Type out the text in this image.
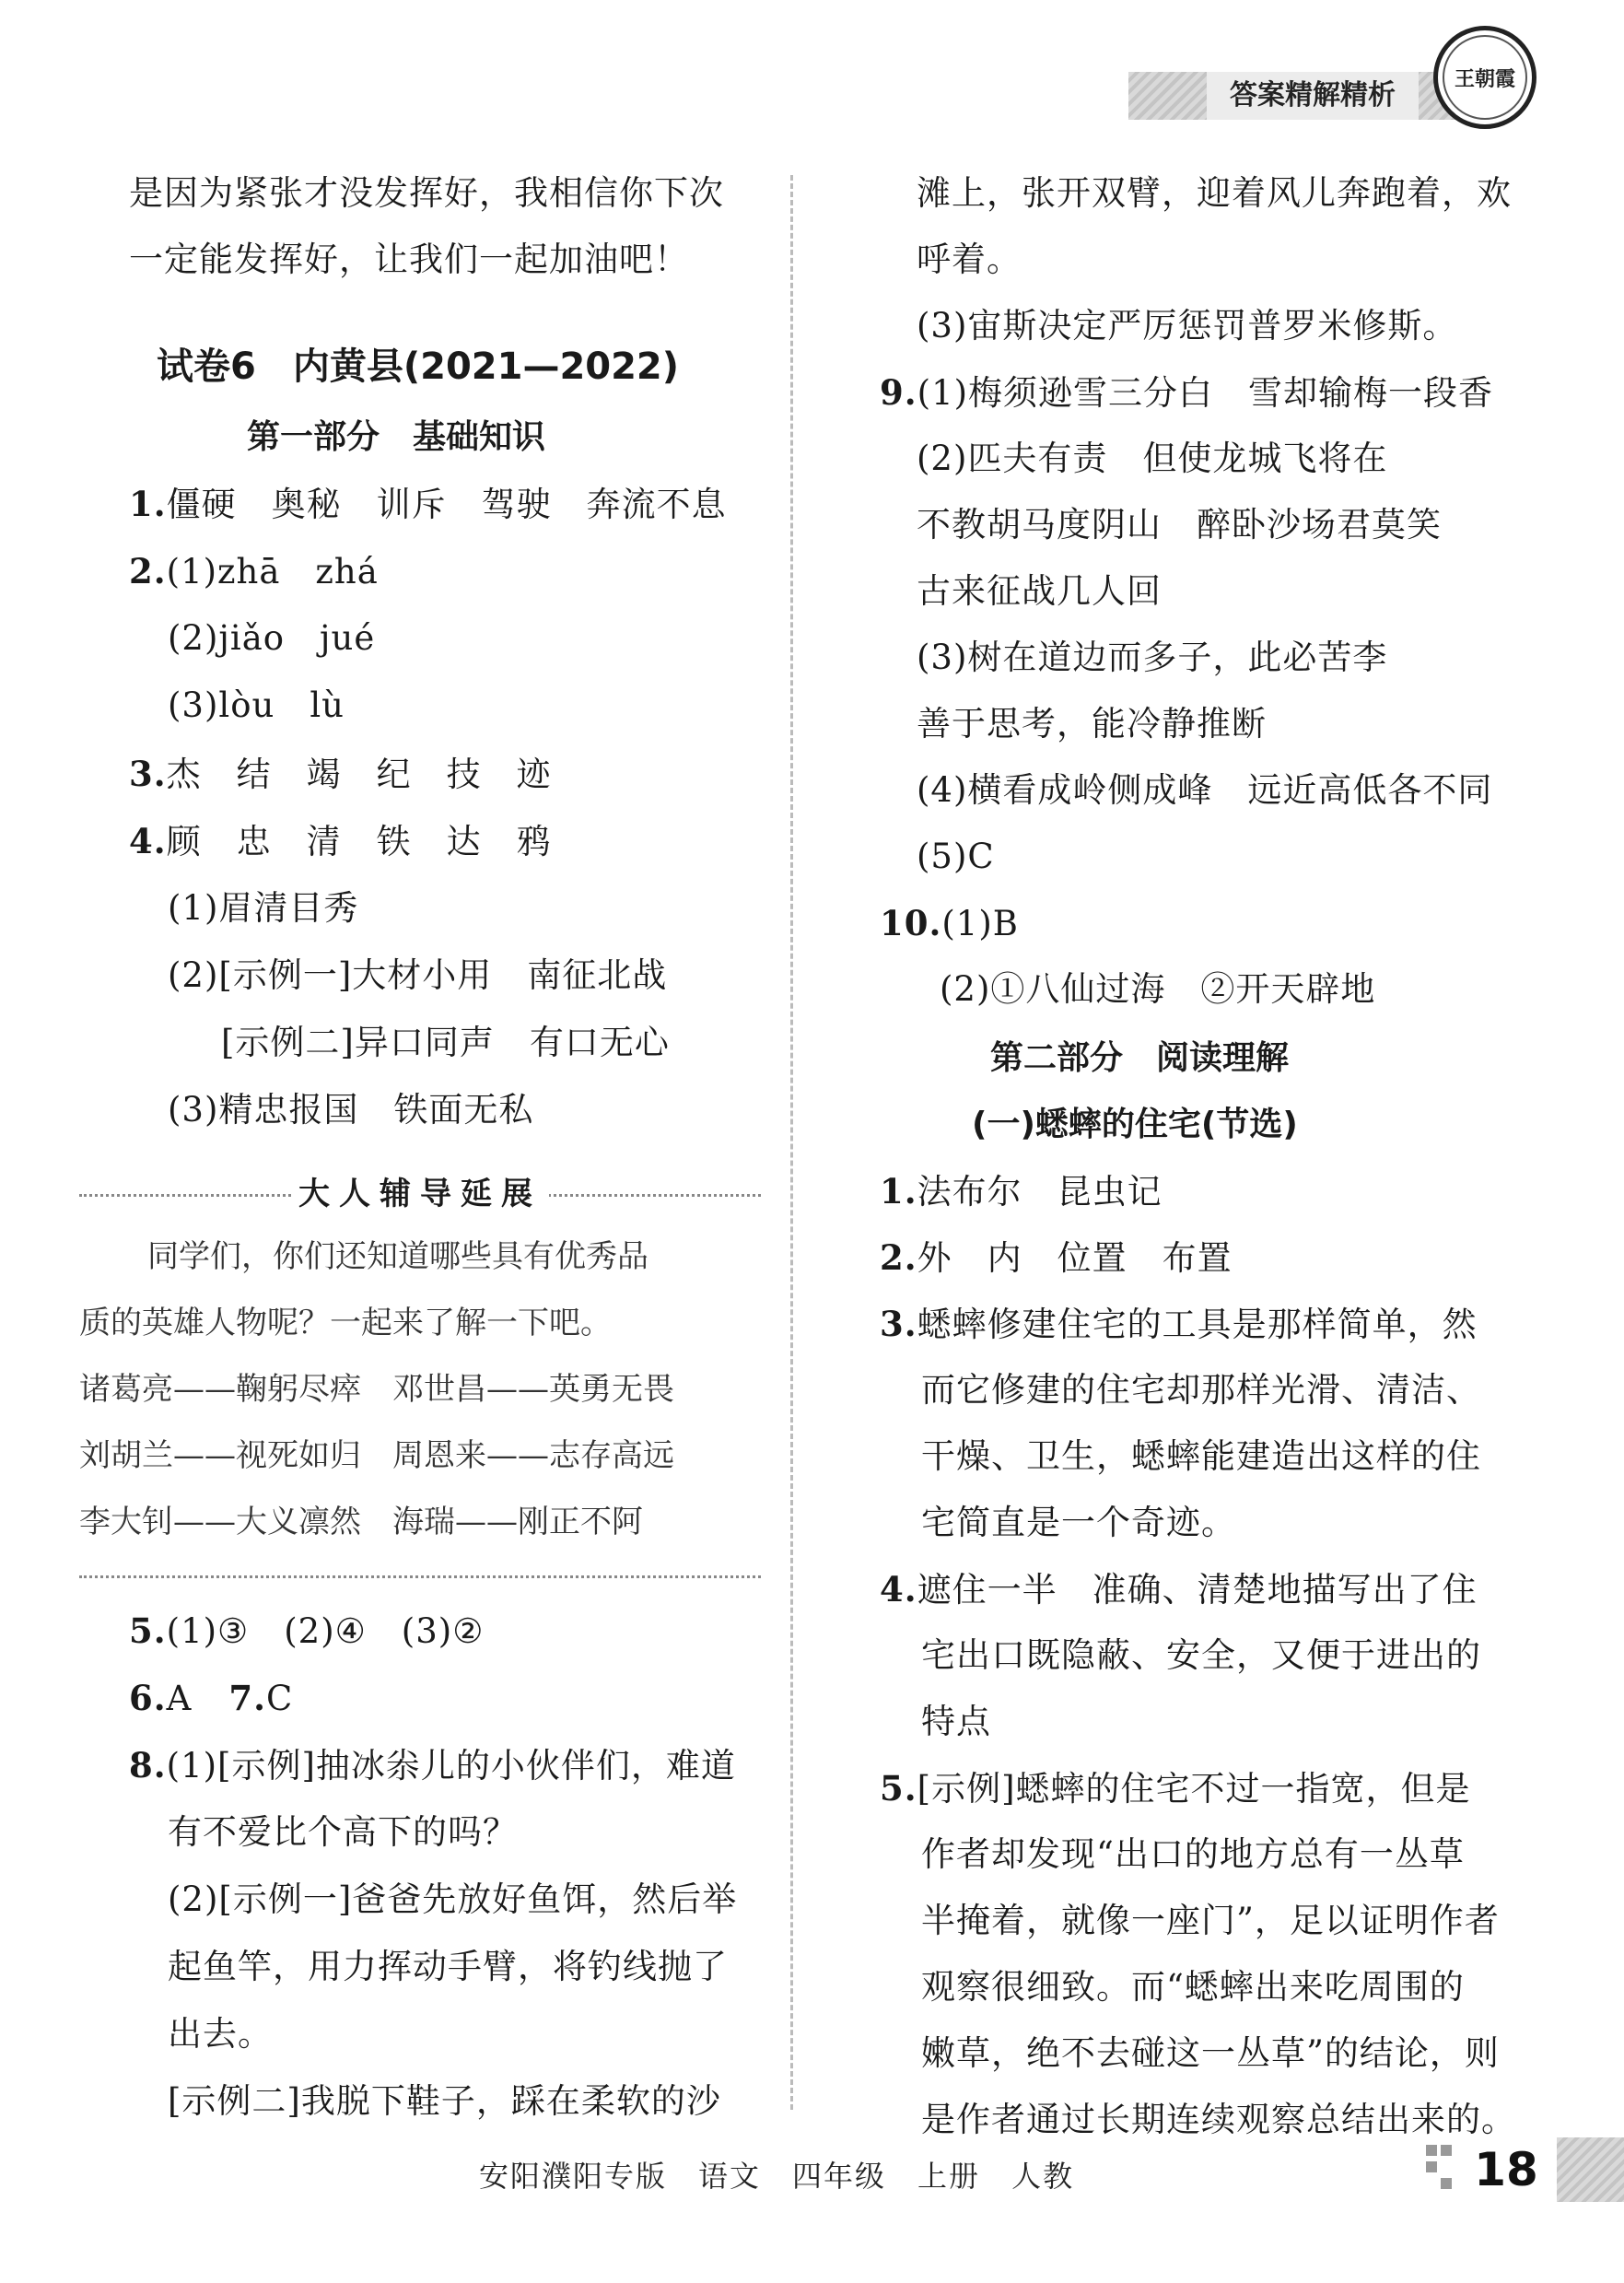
答案精解精析
王朝霞
是因为紧张才没发挥好，我相信你下次
一定能发挥好，让我们一起加油吧！
试卷6　内黄县(2021—2022)
第一部分　基础知识
1.僵硬　奥秘　训斥　驾驶　奔流不息
2.(1)zhā　zhá
(2)jiǎo　jué
(3)lòu　lù
3.杰　结　竭　纪　技　迹
4.顾　忠　清　铁　达　鸦
(1)眉清目秀
(2)[示例一]大材小用　南征北战
[示例二]异口同声　有口无心
(3)精忠报国　铁面无私
大人辅导延展
同学们，你们还知道哪些具有优秀品
质的英雄人物呢？一起来了解一下吧。
诸葛亮——鞠躬尽瘁　邓世昌——英勇无畏
刘胡兰——视死如归　周恩来——志存高远
李大钊——大义凛然　海瑞——刚正不阿
5.(1)③　(2)④　(3)②
6.A 7.C
8.(1)[示例]抽冰尜儿的小伙伴们，难道
有不爱比个高下的吗？
(2)[示例一]爸爸先放好鱼饵，然后举
起鱼竿，用力挥动手臂，将钓线抛了
出去。
[示例二]我脱下鞋子，踩在柔软的沙
滩上，张开双臂，迎着风儿奔跑着，欢
呼着。
(3)宙斯决定严厉惩罚普罗米修斯。
9.(1)梅须逊雪三分白　雪却输梅一段香
(2)匹夫有责　但使龙城飞将在
不教胡马度阴山　醉卧沙场君莫笑
古来征战几人回
(3)树在道边而多子，此必苦李
善于思考，能冷静推断
(4)横看成岭侧成峰　远近高低各不同
(5)C
10.(1)B
(2)①八仙过海　②开天辟地
第二部分　阅读理解
(一)蟋蟀的住宅(节选)
1.法布尔　昆虫记
2.外　内　位置　布置
3.蟋蟀修建住宅的工具是那样简单，然
而它修建的住宅却那样光滑、清洁、
干燥、卫生，蟋蟀能建造出这样的住
宅简直是一个奇迹。
4.遮住一半　准确、清楚地描写出了住
宅出口既隐蔽、安全，又便于进出的
特点
5.[示例]蟋蟀的住宅不过一指宽，但是
作者却发现“出口的地方总有一丛草
半掩着，就像一座门”，足以证明作者
观察很细致。而“蟋蟀出来吃周围的
嫩草，绝不去碰这一丛草”的结论，则
是作者通过长期连续观察总结出来的。
安阳濮阳专版 语文 四年级 上册 人教	18
